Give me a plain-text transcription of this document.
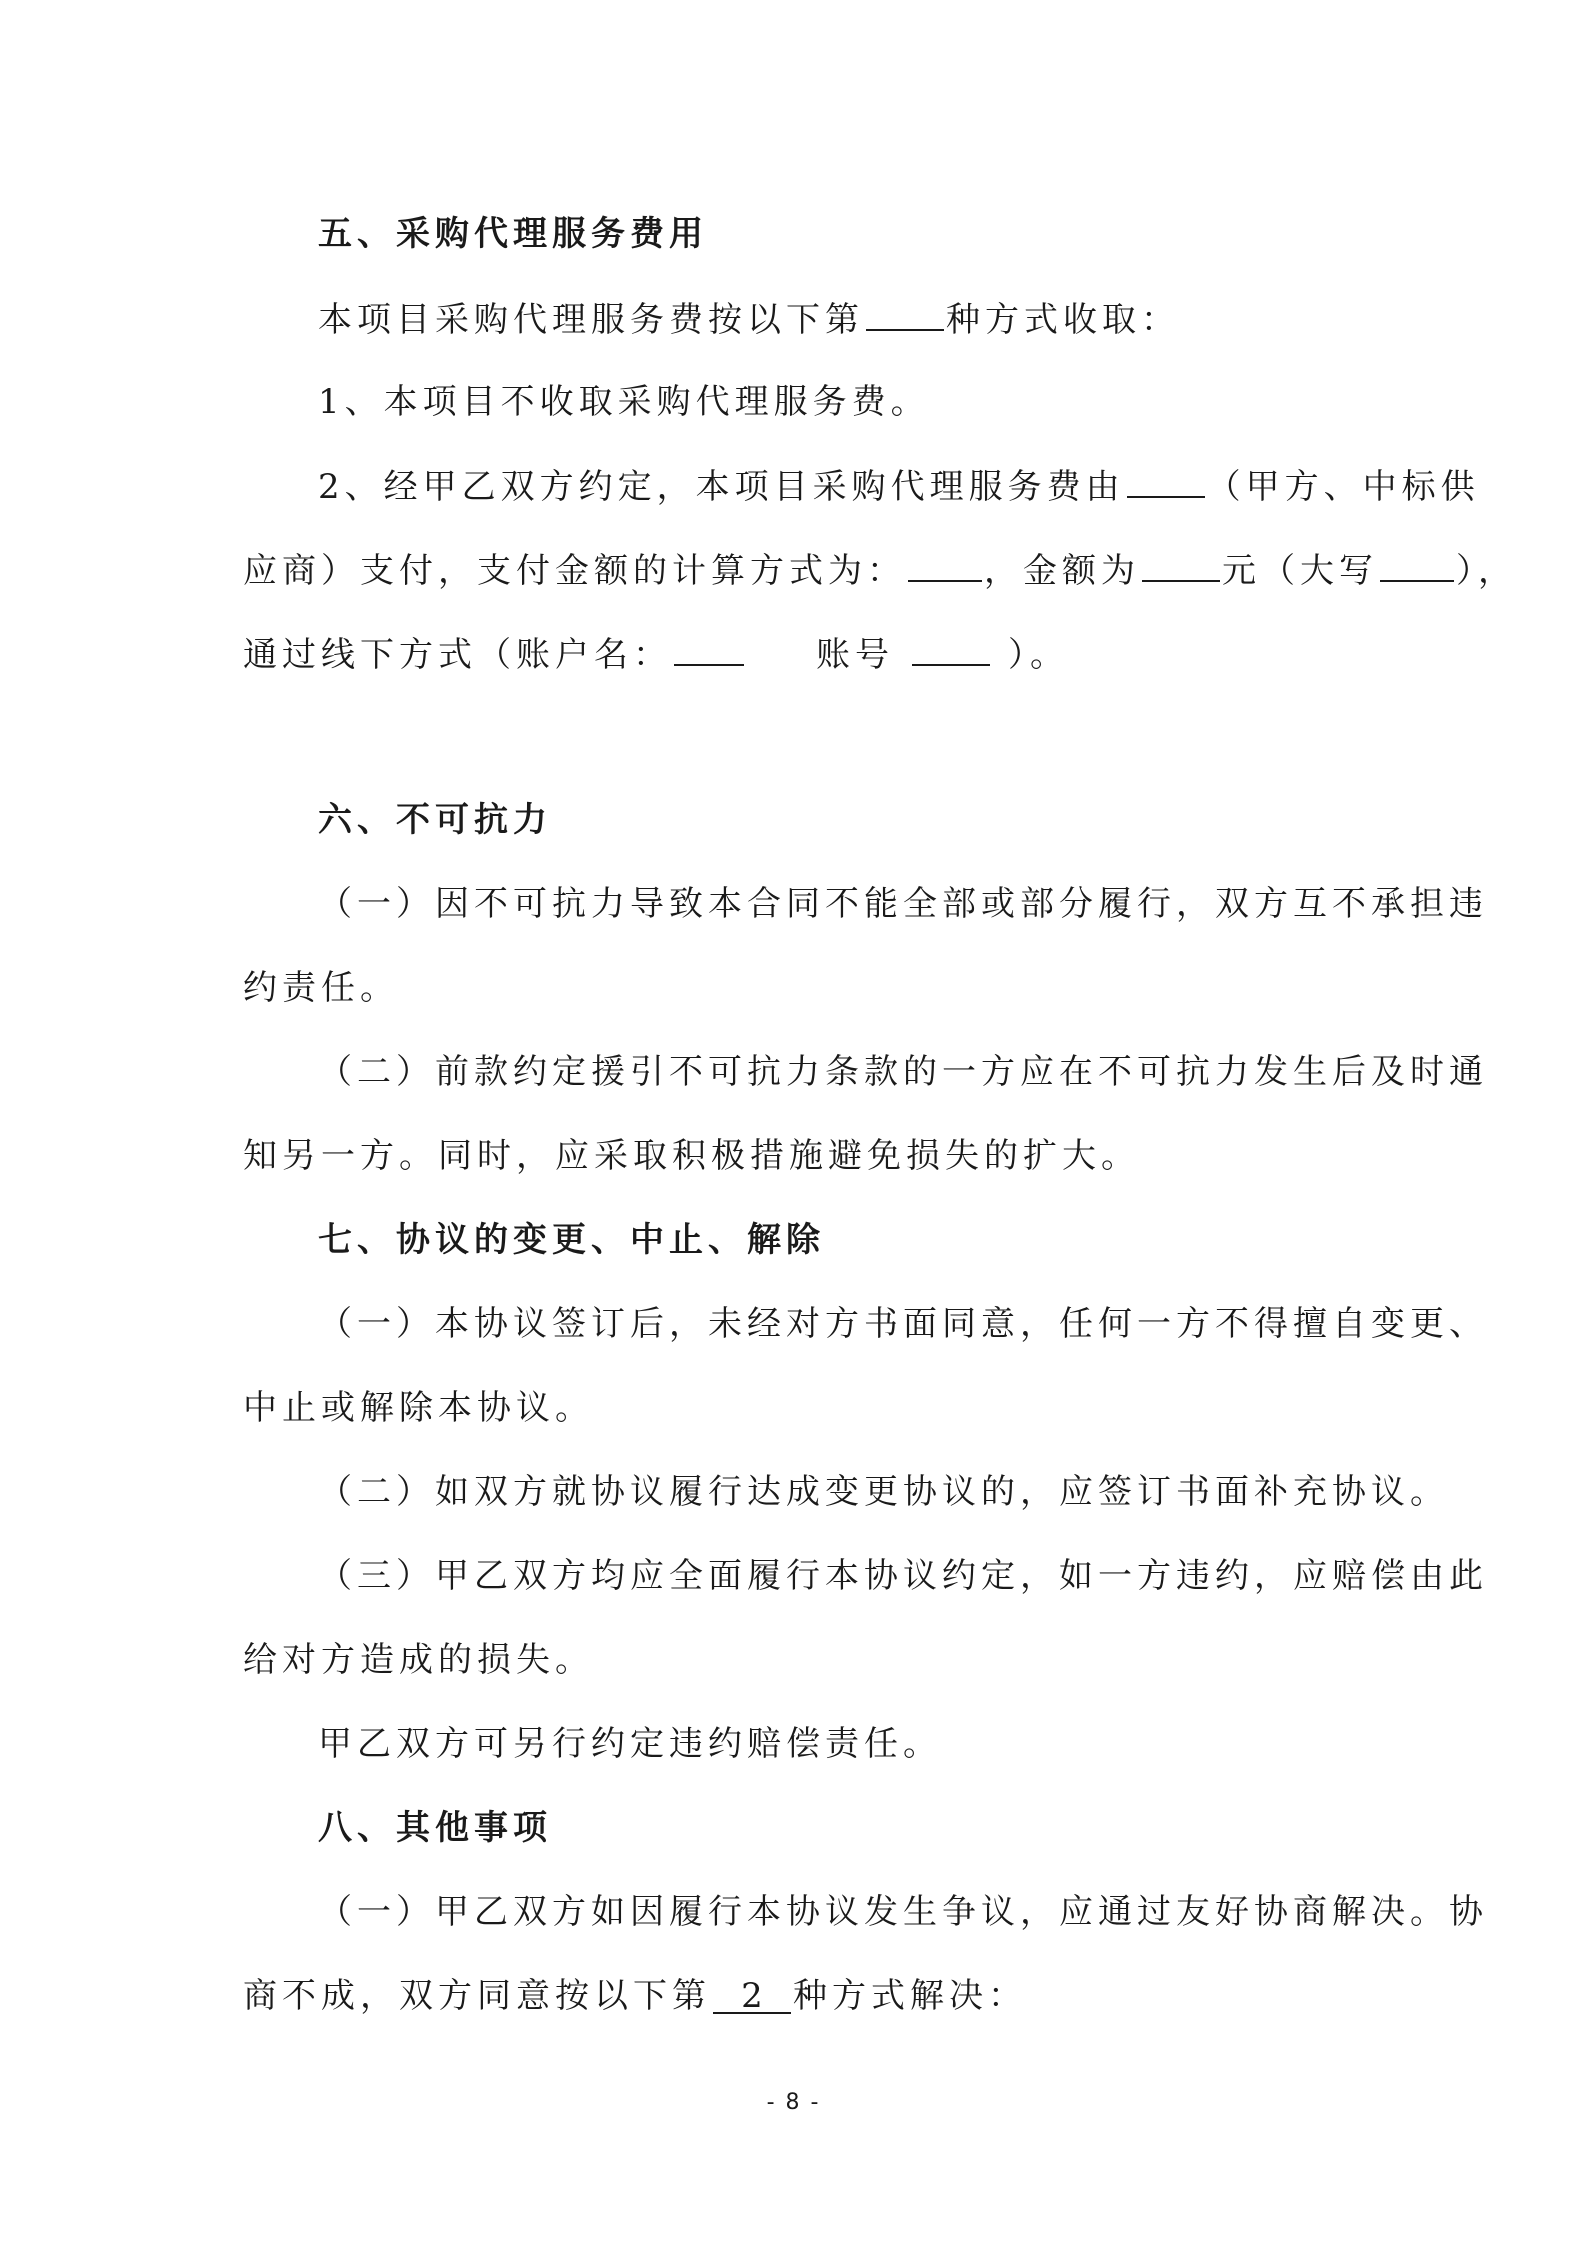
五、采购代理服务费用
本项目采购代理服务费按以下第 种方式收取：
1、本项目不收取采购代理服务费。
2、经甲乙双方约定，本项目采购代理服务费由 （甲方、中标供
应商）支付，支付金额的计算方式为： ，金额为 元（大写 ），
通过线下方式（账户名：	账号	）。
六、不可抗力
（一）因不可抗力导致本合同不能全部或部分履行，双方互不承担违
约责任。
（二）前款约定援引不可抗力条款的一方应在不可抗力发生后及时通
知另一方。同时，应采取积极措施避免损失的扩大。
七、协议的变更、中止、解除
（一）本协议签订后，未经对方书面同意，任何一方不得擅自变更、
中止或解除本协议。
（二）如双方就协议履行达成变更协议的，应签订书面补充协议。
（三）甲乙双方均应全面履行本协议约定，如一方违约，应赔偿由此
给对方造成的损失。
甲乙双方可另行约定违约赔偿责任。
八、其他事项
（一）甲乙双方如因履行本协议发生争议，应通过友好协商解决。协
商不成，双方同意按以下第 2 种方式解决：
- 8 -
